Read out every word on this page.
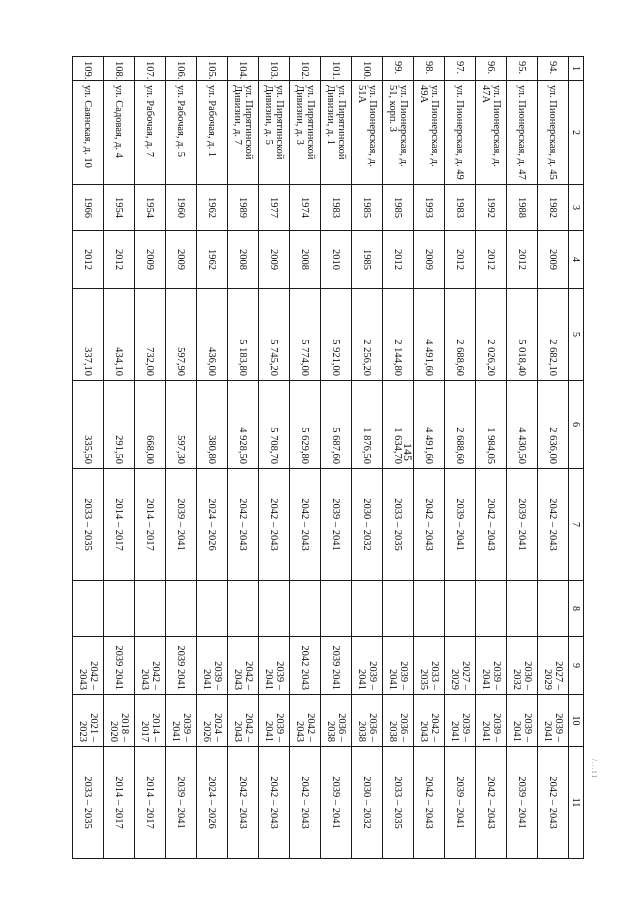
145
1	2	3	4	5	6	7	8	9	10	11
94.	ул. Пионерская, д. 45	1982	2009	2 682,10	2 636,00	2042 – 2043		2027 – 2029	2039 – 2041	2042 – 2043
95.	ул. Пионерская, д. 47	1988	2012	5 018,40	4 430,50	2039 – 2041		2030 – 2032	2039 – 2041	2039 – 2041
96.	ул. Пионерская, д. 47А	1992	2012	2 026,20	1 984,05	2042 – 2043		2039 – 2041	2039 – 2041	2042 – 2043
97.	ул. Пионерская, д. 49	1983	2012	2 688,60	2 688,60	2039 – 2041		2027 – 2029	2039 – 2041	2039 – 2041
98.	ул. Пионерская, д. 49А	1993	2009	4 491,60	4 491,60	2042 – 2043		2033 – 2035	2042 – 2043	2042 – 2043
99.	ул. Пионерская, д. 51, корп. 3	1985	2012	2 144,80	1 634,70	2033 – 2035		2039 – 2041	2036 – 2038	2033 – 2035
100.	ул. Пионерская, д. 51А	1985	1985	2 256,20	1 876,50	2030 – 2032		2039 – 2041	2036 – 2038	2030 – 2032
101.	ул. Пирятинской Дивизии, д. 1	1983	2010	5 921,00	5 687,60	2039 – 2041		2039 2041	2036 – 2038	2039 – 2041
102.	ул. Пирятинской Дивизии, д. 3	1974	2008	5 774,00	5 629,80	2042 – 2043		2042 2043	2042 – 2043	2042 – 2043
103.	ул. Пирятинской Дивизии, д. 5	1977	2009	5 745,20	5 708,70	2042 – 2043		2039 – 2041	2039 – 2041	2042 – 2043
104.	ул. Пирятинской Дивизии, д. 7	1989	2008	5 183,80	4 928,50	2042 – 2043		2042 – 2043	2042 – 2043	2042 – 2043
105.	ул. Рабочая, д. 1	1962	1962	436,00	380,80	2024 – 2026		2039 – 2041	2024 – 2026	2024 – 2026
106.	ул. Рабочая, д. 5	1960	2009	597,90	597,30	2039 – 2041		2039 2041	2039 – 2041	2039 – 2041
107.	ул. Рабочая, д. 7	1954	2009	732,00	668,00	2014 – 2017		2042 – 2043	2014 – 2017	2014 – 2017
108.	ул. Садовая, д. 4	1954	2012	434,10	291,50	2014 – 2017		2039 2041	2018 – 2020	2014 – 2017
109.	ул. Саянская, д. 10	1966	2012	337,10	335,50	2033 – 2035		2042 – 2043	2021 – 2023	2033 – 2035
/...11
